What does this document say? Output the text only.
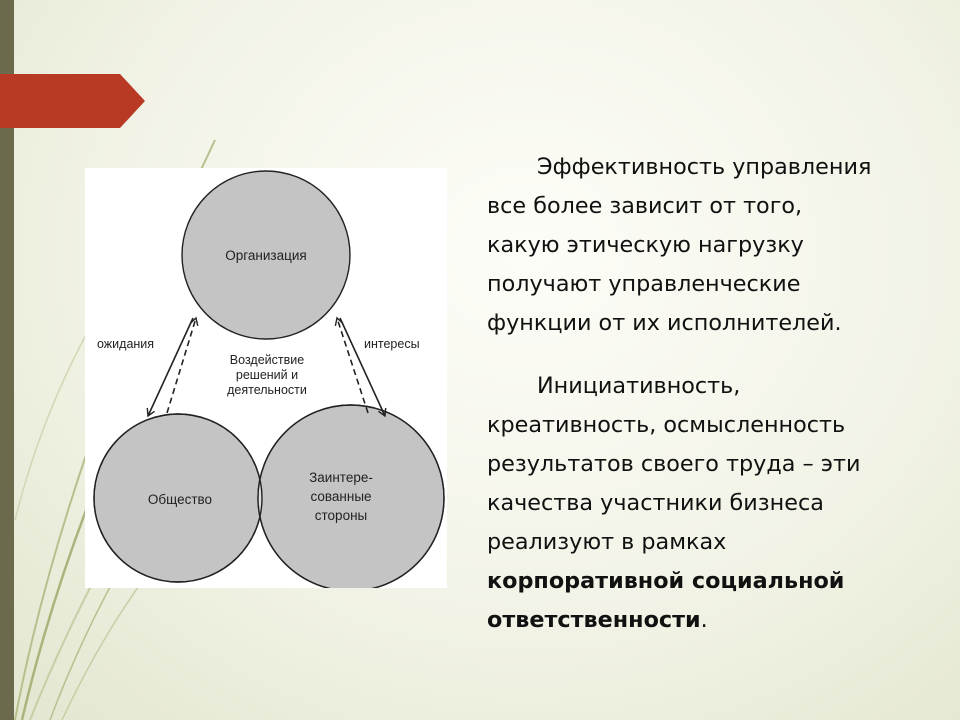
Организация
Общество
Заинтере-
сованные
стороны
ожидания	интересы
Воздействие
решений и
деятельности

Эффективность управления
все более зависит от того,
какую этическую нагрузку
получают управленческие
функции от их исполнителей.

Инициативность,
креативность, осмысленность
результатов своего труда – эти
качества участники бизнеса
реализуют в рамках
корпоративной социальной
ответственности.
